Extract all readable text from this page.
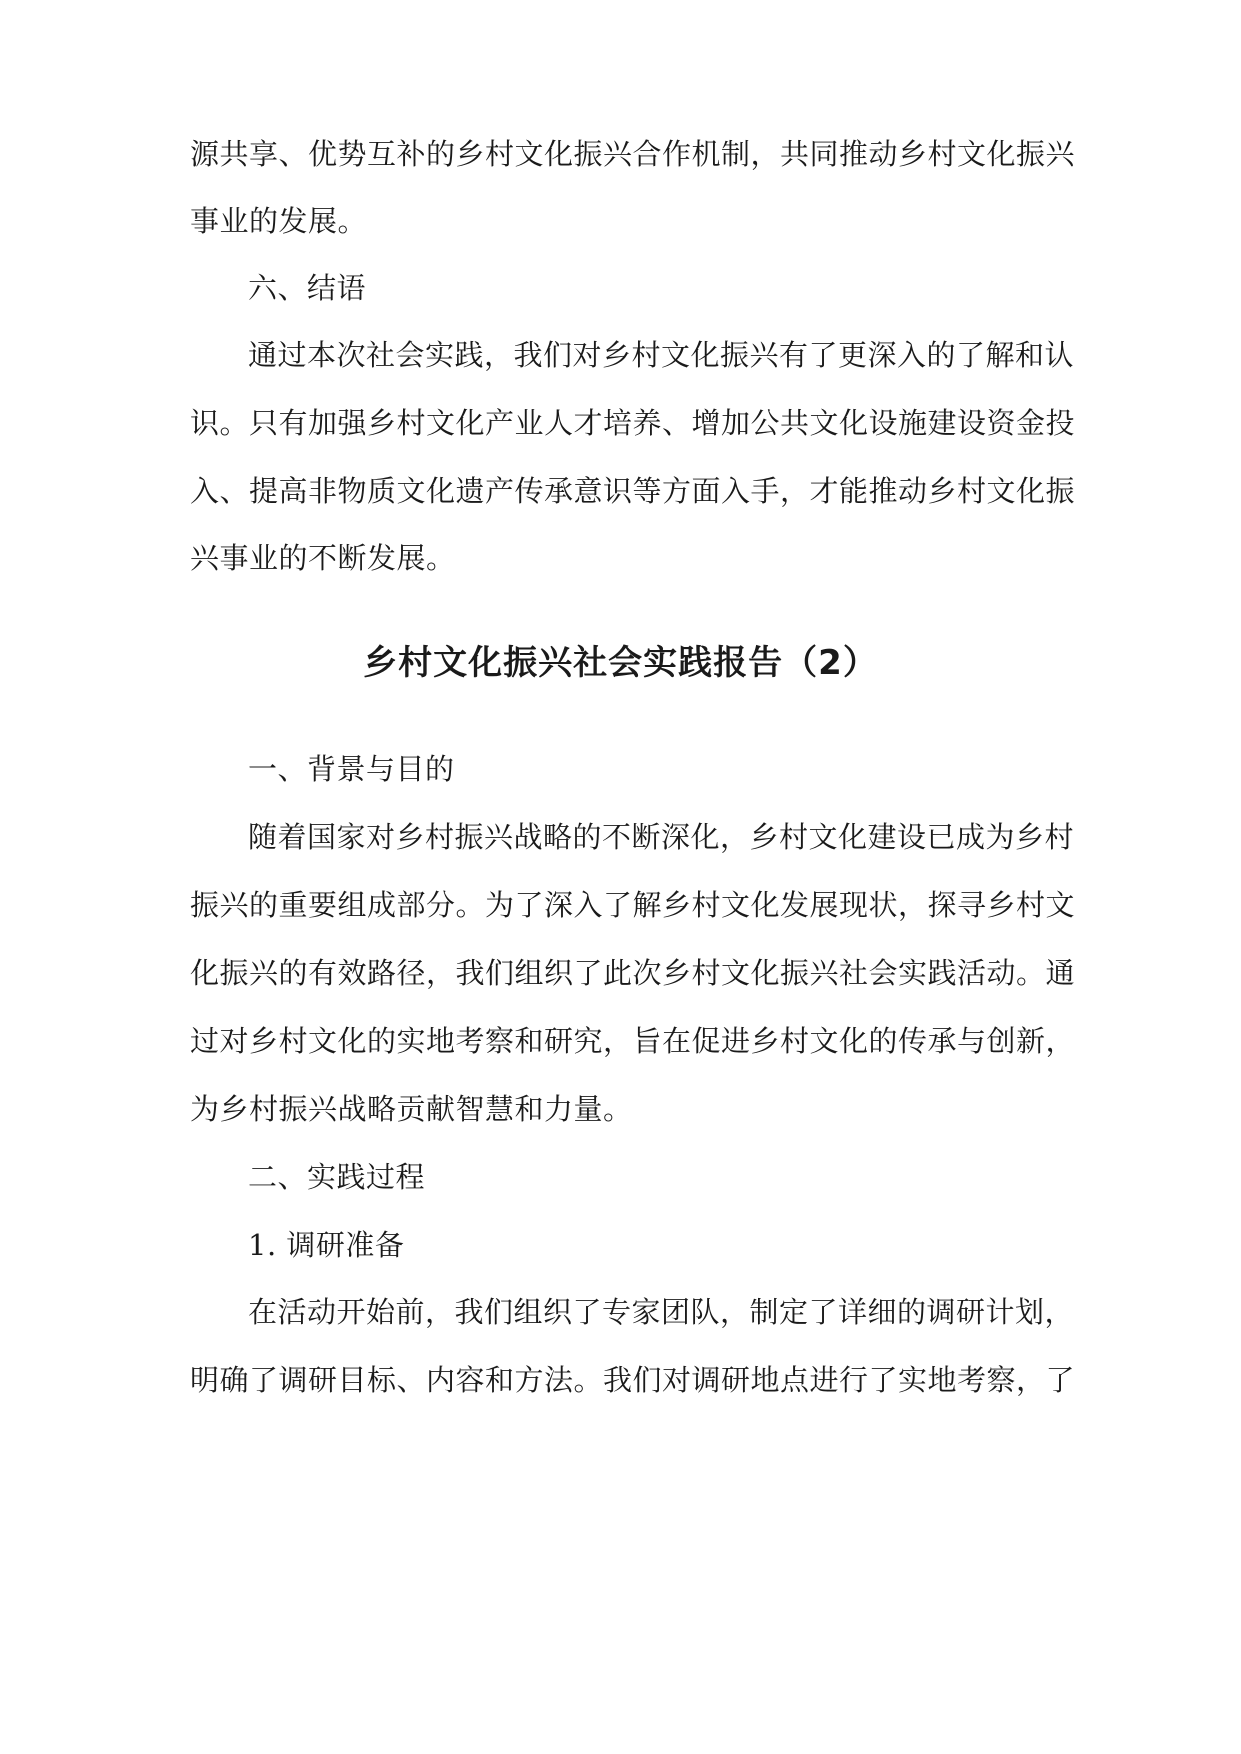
源共享、优势互补的乡村文化振兴合作机制，共同推动乡村文化振兴
事业的发展。
六、结语
通过本次社会实践，我们对乡村文化振兴有了更深入的了解和认
识。只有加强乡村文化产业人才培养、增加公共文化设施建设资金投
入、提高非物质文化遗产传承意识等方面入手，才能推动乡村文化振
兴事业的不断发展。
乡村文化振兴社会实践报告（2）
一、背景与目的
随着国家对乡村振兴战略的不断深化，乡村文化建设已成为乡村
振兴的重要组成部分。为了深入了解乡村文化发展现状，探寻乡村文
化振兴的有效路径，我们组织了此次乡村文化振兴社会实践活动。通
过对乡村文化的实地考察和研究，旨在促进乡村文化的传承与创新，
为乡村振兴战略贡献智慧和力量。
二、实践过程
1. 调研准备
在活动开始前，我们组织了专家团队，制定了详细的调研计划，
明确了调研目标、内容和方法。我们对调研地点进行了实地考察，了
